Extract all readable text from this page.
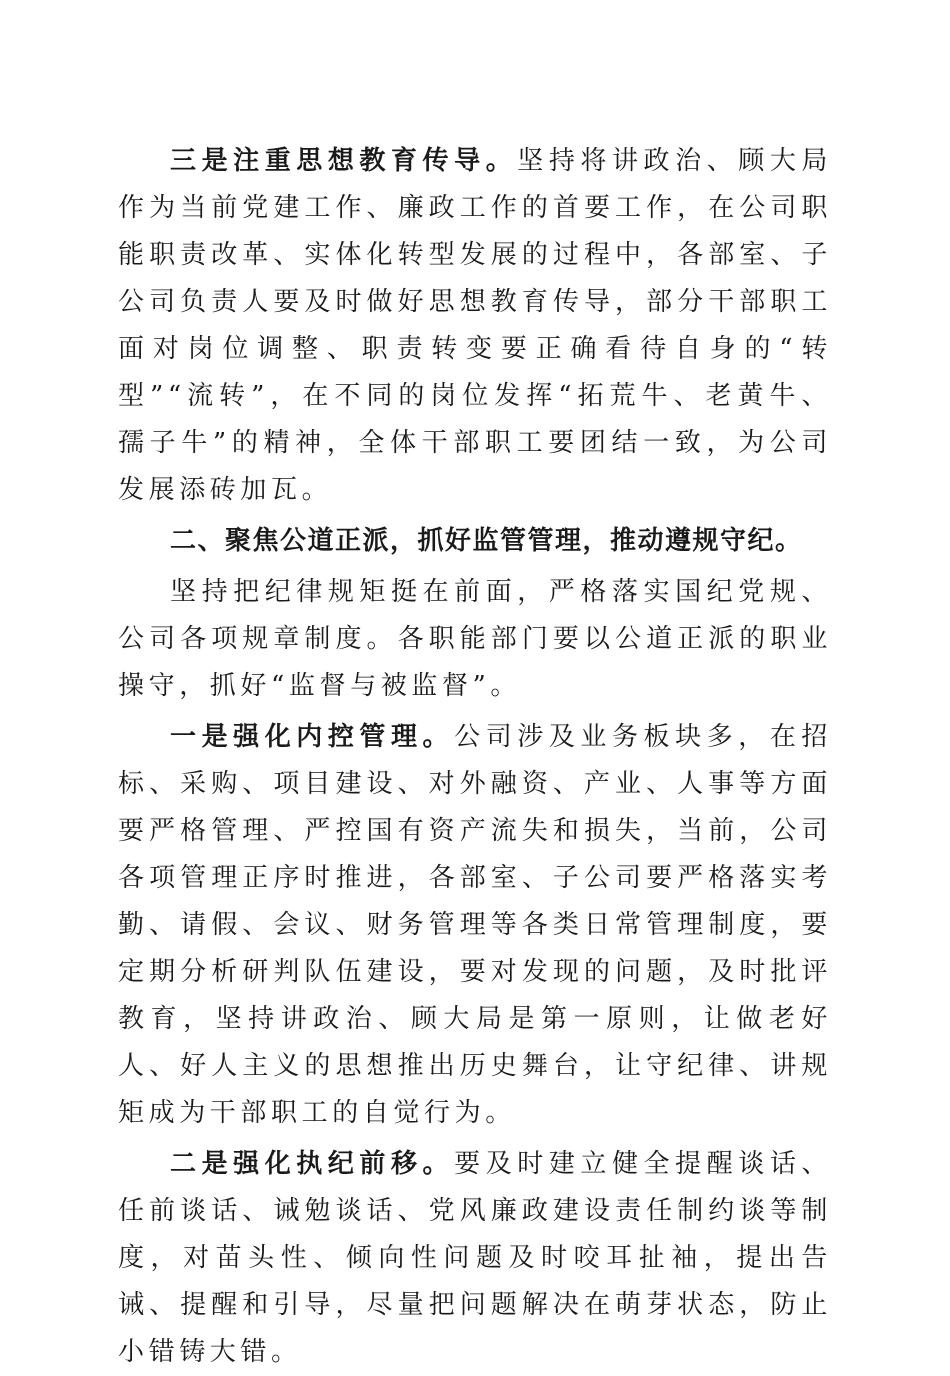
三是注重思想教育传导。坚持将讲政治、顾大局作为当前党建工作、廉政工作的首要工作，在公司职能职责改革、实体化转型发展的过程中，各部室、子公司负责人要及时做好思想教育传导，部分干部职工面对岗位调整、职责转变要正确看待自身的“转型”“流转”，在不同的岗位发挥“拓荒牛、老黄牛、孺子牛”的精神，全体干部职工要团结一致，为公司发展添砖加瓦。

二、聚焦公道正派，抓好监管管理，推动遵规守纪。

坚持把纪律规矩挺在前面，严格落实国纪党规、公司各项规章制度。各职能部门要以公道正派的职业操守，抓好“监督与被监督”。

一是强化内控管理。公司涉及业务板块多，在招标、采购、项目建设、对外融资、产业、人事等方面要严格管理、严控国有资产流失和损失，当前，公司各项管理正序时推进，各部室、子公司要严格落实考勤、请假、会议、财务管理等各类日常管理制度，要定期分析研判队伍建设，要对发现的问题，及时批评教育，坚持讲政治、顾大局是第一原则，让做老好人、好人主义的思想推出历史舞台，让守纪律、讲规矩成为干部职工的自觉行为。

二是强化执纪前移。要及时建立健全提醒谈话、任前谈话、诫勉谈话、党风廉政建设责任制约谈等制度，对苗头性、倾向性问题及时咬耳扯袖，提出告诫、提醒和引导，尽量把问题解决在萌芽状态，防止小错铸大错。
